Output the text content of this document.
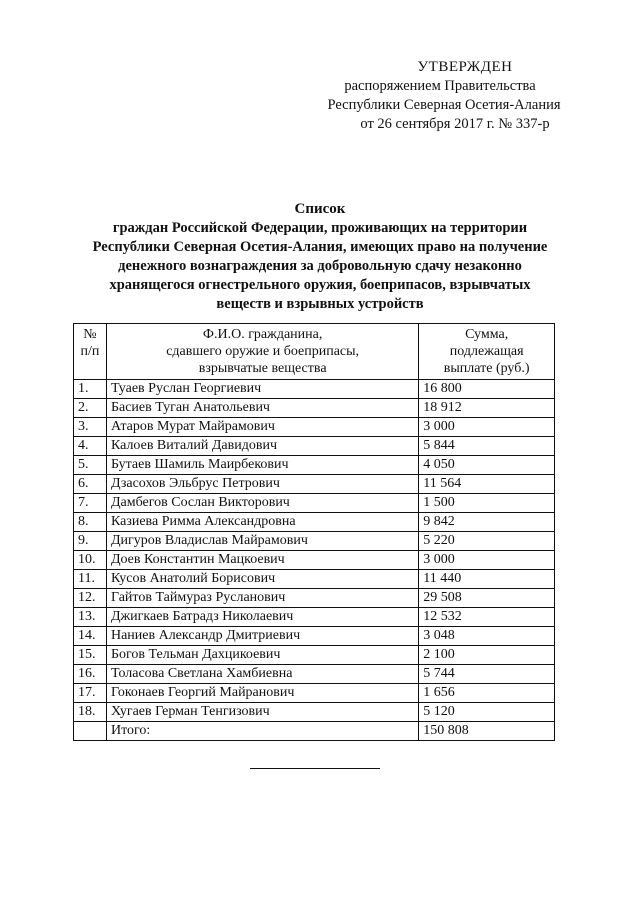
УТВЕРЖДЕН
распоряжением Правительства
Республики Северная Осетия-Алания
от 26 сентября 2017 г. № 337-р
Список
граждан Российской Федерации, проживающих на территории
Республики Северная Осетия-Алания, имеющих право на получение
денежного вознаграждения за добровольную сдачу незаконно
хранящегося огнестрельного оружия, боеприпасов, взрывчатых
веществ и взрывных устройств
№
п/п	Ф.И.О. гражданина,
сдавшего оружие и боеприпасы,
взрывчатые вещества	Сумма,
подлежащая
выплате (руб.)

1.	Туаев Руслан Георгиевич	16 800
2.	Басиев Туган Анатольевич	18 912
3.	Атаров Мурат Майрамович	3 000
4.	Калоев Виталий Давидович	5 844
5.	Бутаев Шамиль Маирбекович	4 050
6.	Дзасохов Эльбрус Петрович	11 564
7.	Дамбегов Сослан Викторович	1 500
8.	Казиева Римма Александровна	9 842
9.	Дигуров Владислав Майрамович	5 220
10.	Доев Константин Мацкоевич	3 000
11.	Кусов Анатолий Борисович	11 440
12.	Гайтов Таймураз Русланович	29 508
13.	Джигкаев Батрадз Николаевич	12 532
14.	Наниев Александр Дмитриевич	3 048
15.	Богов Тельман Дахцикоевич	2 100
16.	Толасова Светлана Хамбиевна	5 744
17.	Гоконаев Георгий Майранович	1 656
18.	Хугаев Герман Тенгизович	5 120
	Итого:	150 808
